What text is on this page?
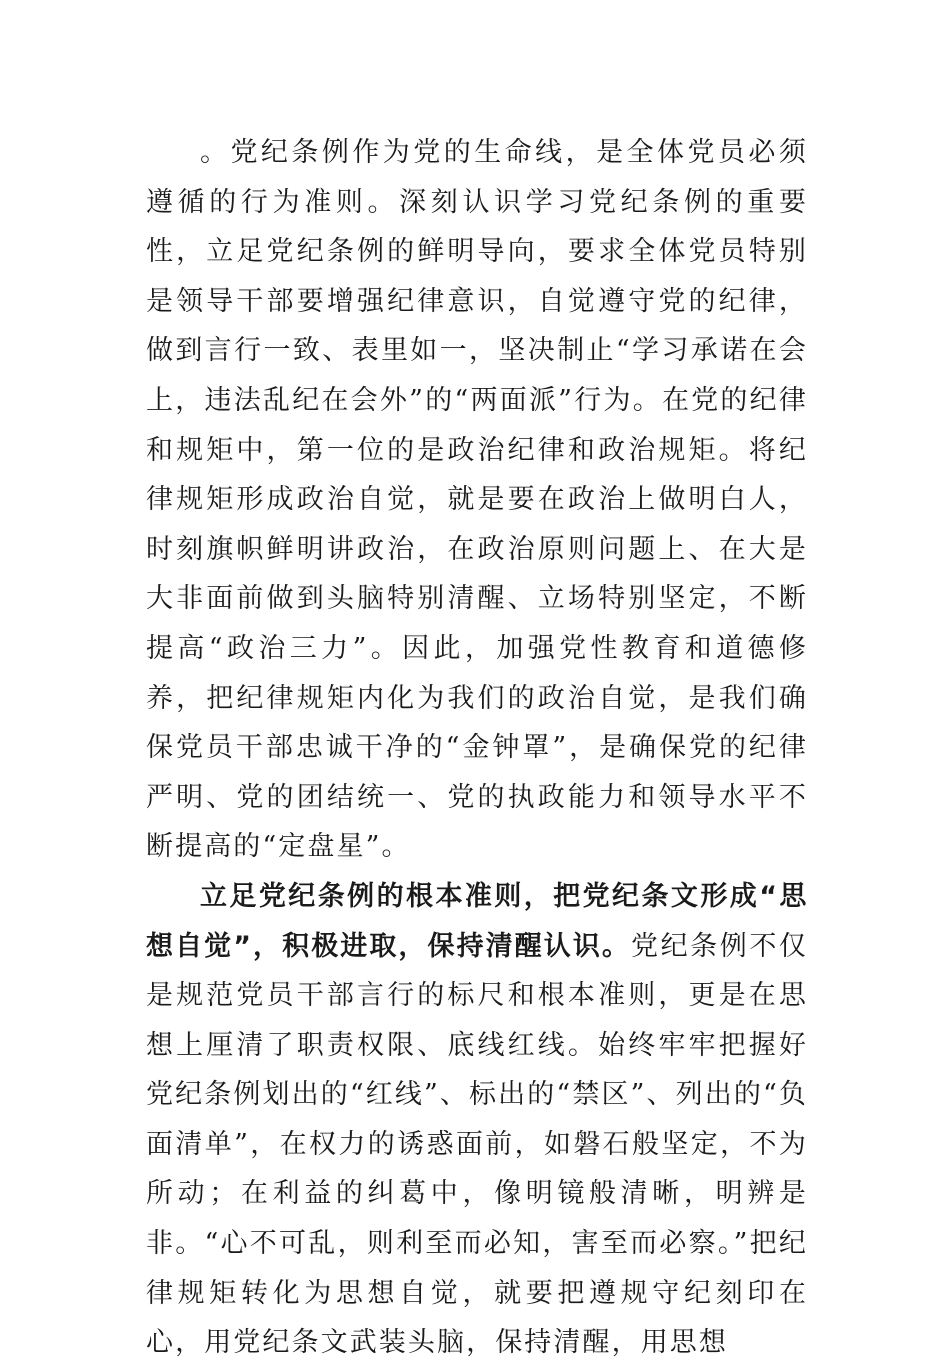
。党纪条例作为党的生命线，是全体党员必须遵循的行为准则。深刻认识学习党纪条例的重要性，立足党纪条例的鲜明导向，要求全体党员特别是领导干部要增强纪律意识，自觉遵守党的纪律，做到言行一致、表里如一，坚决制止“学习承诺在会上，违法乱纪在会外”的“两面派”行为。在党的纪律和规矩中，第一位的是政治纪律和政治规矩。将纪律规矩形成政治自觉，就是要在政治上做明白人，时刻旗帜鲜明讲政治，在政治原则问题上、在大是大非面前做到头脑特别清醒、立场特别坚定，不断提高“政治三力”。因此，加强党性教育和道德修养，把纪律规矩内化为我们的政治自觉，是我们确保党员干部忠诚干净的“金钟罩”，是确保党的纪律严明、党的团结统一、党的执政能力和领导水平不断提高的“定盘星”。

立足党纪条例的根本准则，把党纪条文形成“思想自觉”，积极进取，保持清醒认识。党纪条例不仅是规范党员干部言行的标尺和根本准则，更是在思想上厘清了职责权限、底线红线。始终牢牢把握好党纪条例划出的“红线”、标出的“禁区”、列出的“负面清单”，在权力的诱惑面前，如磐石般坚定，不为所动；在利益的纠葛中，像明镜般清晰，明辨是非。“心不可乱，则利至而必知，害至而必察。”把纪律规矩转化为思想自觉，就要把遵规守纪刻印在心，用党纪条文武装头脑，保持清醒，用思想
